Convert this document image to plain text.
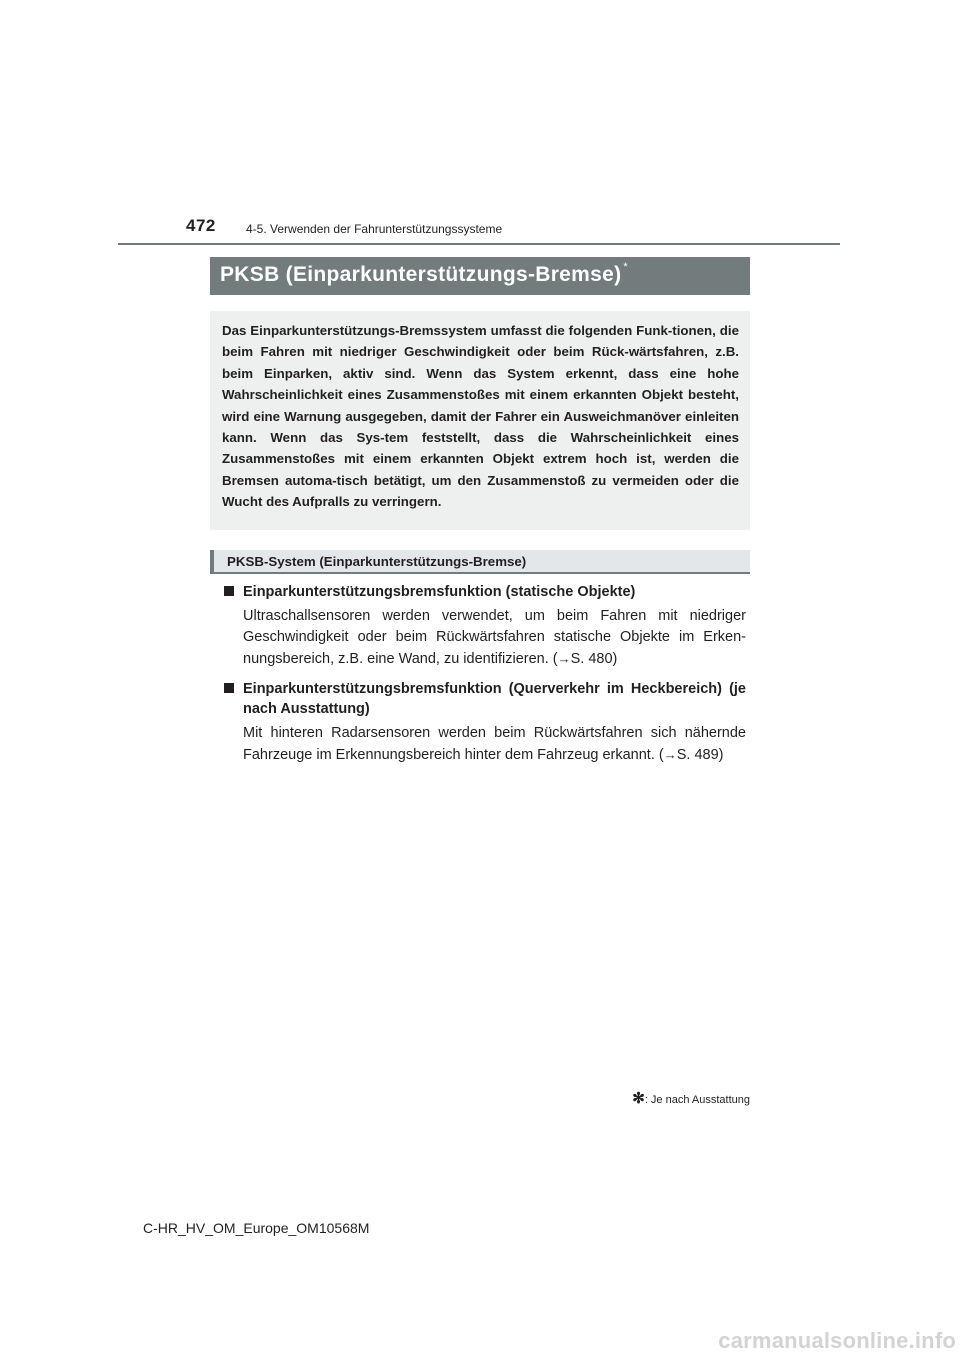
472	4-5. Verwenden der Fahrunterstützungssysteme
PKSB (Einparkunterstützungs-Bremse) *

Das Einparkunterstützungs-Bremssystem umfasst die folgenden Funk-tionen, die beim Fahren mit niedriger Geschwindigkeit oder beim Rück-wärtsfahren, z.B. beim Einparken, aktiv sind. Wenn das System erkennt, dass eine hohe Wahrscheinlichkeit eines Zusammenstoßes mit einem erkannten Objekt besteht, wird eine Warnung ausgegeben, damit der Fahrer ein Ausweichmanöver einleiten kann. Wenn das Sys-tem feststellt, dass die Wahrscheinlichkeit eines Zusammenstoßes mit einem erkannten Objekt extrem hoch ist, werden die Bremsen automa-tisch betätigt, um den Zusammenstoß zu vermeiden oder die Wucht des Aufpralls zu verringern.

PKSB-System (Einparkunterstützungs-Bremse)

Einparkunterstützungsbremsfunktion (statische Objekte)

Ultraschallsensoren werden verwendet, um beim Fahren mit niedriger Geschwindigkeit oder beim Rückwärtsfahren statische Objekte im Erken-nungsbereich, z.B. eine Wand, zu identifizieren. (→S. 480)

Einparkunterstützungsbremsfunktion (Querverkehr im Heckbereich) (je nach Ausstattung)

Mit hinteren Radarsensoren werden beim Rückwärtsfahren sich nähernde Fahrzeuge im Erkennungsbereich hinter dem Fahrzeug erkannt. (→S. 489)

✻: Je nach Ausstattung
C-HR_HV_OM_Europe_OM10568M
carmanualsonline.info
